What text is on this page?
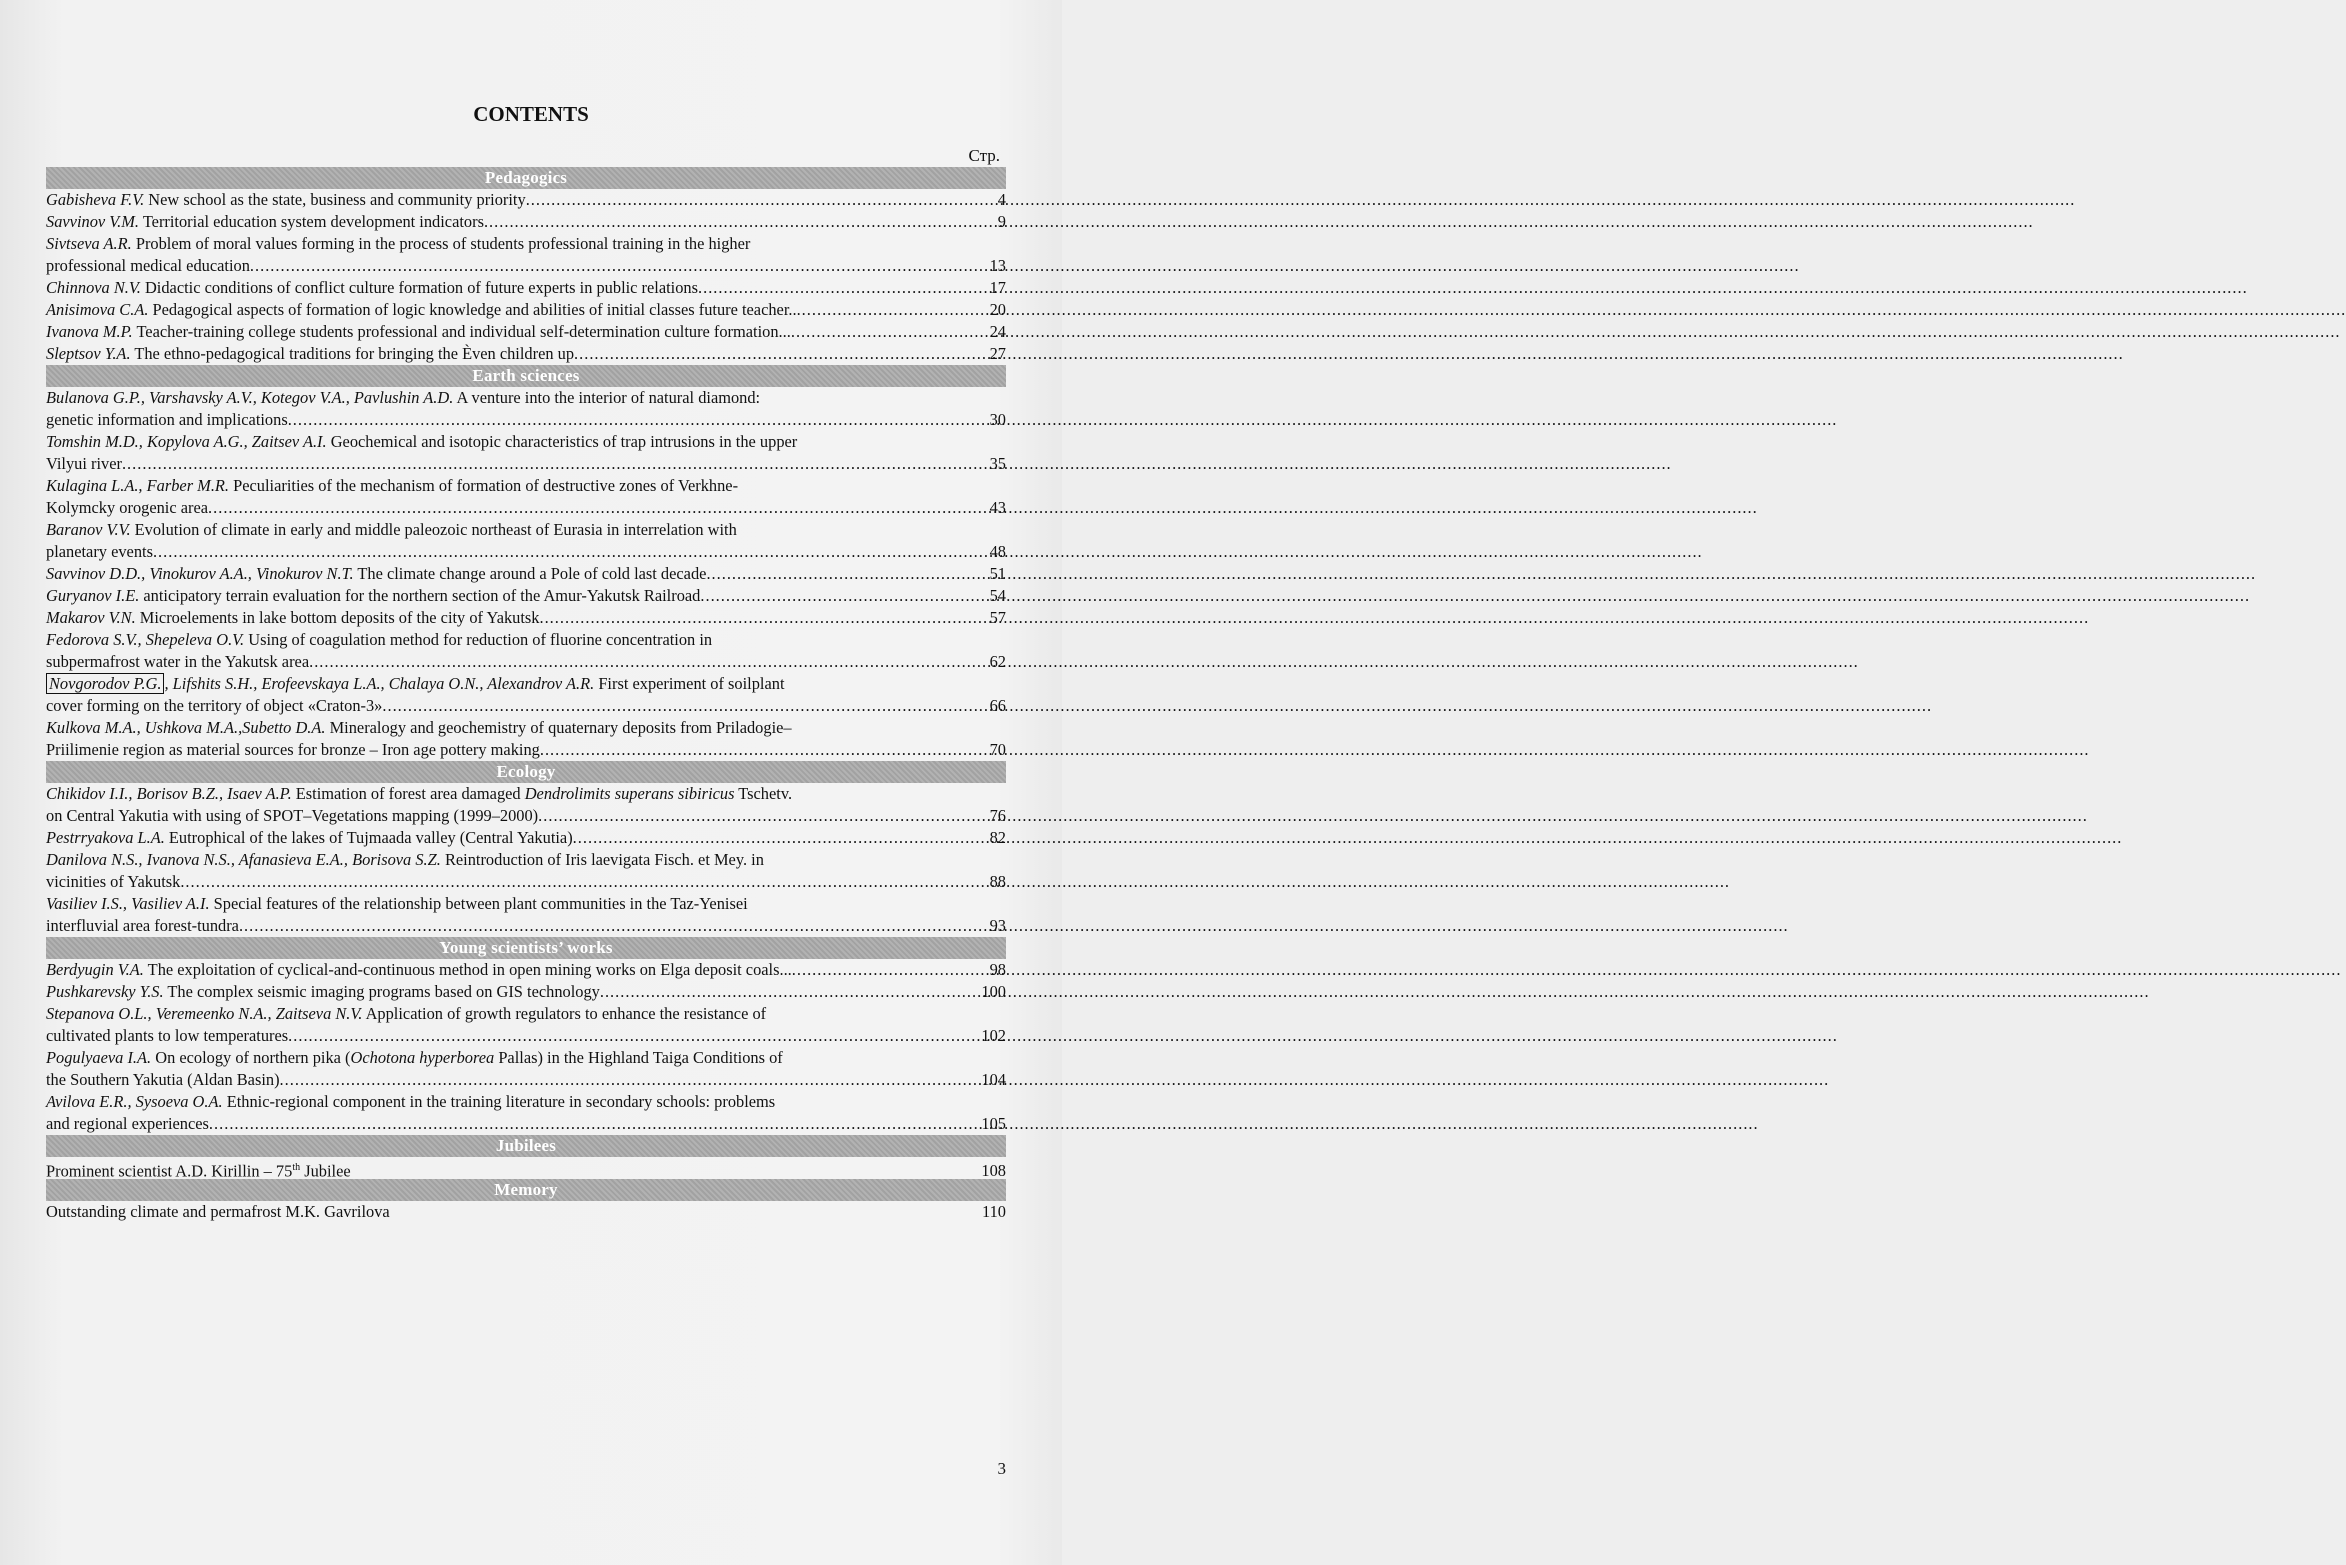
CONTENTS
Стр.
Pedagogics
Gabisheva F.V. New school as the state, business and community priority .....	4
Savvinov V.M. Territorial education system development indicators .....	9
Sivtseva A.R. Problem of moral values forming in the process of students professional training in the higher
professional medical education .....	13
Chinnova N.V. Didactic conditions of conflict culture formation of future experts in public relations .....	17
Anisimova C.A. Pedagogical aspects of formation of logic knowledge and abilities of initial classes future teacher.. .....	20
Ivanova M.P. Teacher-training college students professional and individual self-determination culture formation... .....	24
Sleptsov Y.A. The ethno-pedagogical traditions for bringing the Èven children up .....	27
Earth sciences
Bulanova G.P., Varshavsky A.V., Kotegov V.A., Pavlushin A.D. A venture into the interior of natural diamond:
genetic information and implications .....	30
Tomshin M.D., Kopylova A.G., Zaitsev A.I. Geochemical and isotopic characteristics of trap intrusions in the upper
Vilyui river .....	35
Kulagina L.A., Farber M.R. Peculiarities of the mechanism of formation of destructive zones of Verkhne-
Kolymcky orogenic area .....	43
Baranov V.V. Evolution of climate in early and middle paleozoic northeast of Eurasia in interrelation with
planetary events .....	48
Savvinov D.D., Vinokurov A.A., Vinokurov N.T. The climate change around a Pole of cold last decade .....	51
Guryanov I.E. anticipatory terrain evaluation for the northern section of the Amur-Yakutsk Railroad .....	54
Makarov V.N. Microelements in lake bottom deposits of the city of Yakutsk .....	57
Fedorova S.V., Shepeleva O.V. Using of coagulation method for reduction of fluorine concentration in
subpermafrost water in the Yakutsk area .....	62
Novgorodov P.G. , Lifshits S.H., Erofeevskaya L.A., Chalaya O.N., Alexandrov A.R. First experiment of soilplant
cover forming on the territory of object «Craton-3» .....	66
Kulkova M.A., Ushkova M.A.,Subetto D.A. Mineralogy and geochemistry of quaternary deposits from Priladogie–
Priilimenie region as material sources for bronze – Iron age pottery making .....	70
Ecology
Chikidov I.I., Borisov B.Z., Isaev A.P. Estimation of forest area damaged Dendrolimits superans sibiricus Tschetv.
on Central Yakutia with using of SPOT–Vegetations mapping (1999–2000) .....	76
Pestrryakova L.A. Eutrophical of the lakes of Tujmaada valley (Central Yakutia) .....	82
Danilova N.S., Ivanova N.S., Afanasieva E.A., Borisova S.Z. Reintroduction of Iris laevigata Fisch. et Mey. in
vicinities of Yakutsk .....	88
Vasiliev I.S., Vasiliev A.I. Special features of the relationship between plant communities in the Taz-Yenisei
interfluvial area forest-tundra .....	93
Young scientists’ works
Berdyugin V.A. The exploitation of cyclical-and-continuous method in open mining works on Elga deposit coals... .....	98
Pushkarevsky Y.S. The complex seismic imaging programs based on GIS technology .....	100
Stepanova O.L., Veremeenko N.A., Zaitseva N.V. Application of growth regulators to enhance the resistance of
cultivated plants to low temperatures .....	102
Pogulyaeva I.A. On ecology of northern pika (Ochotona hyperborea Pallas) in the Highland Taiga Conditions of
the Southern Yakutia (Aldan Basin) .....	104
Avilova E.R., Sysoeva O.A. Ethnic-regional component in the training literature in secondary schools: problems
and regional experiences .....	105
Jubilees
Prominent scientist A.D. Kirillin – 75th Jubilee	108
Memory
Outstanding climate and permafrost M.K. Gavrilova	110
3
